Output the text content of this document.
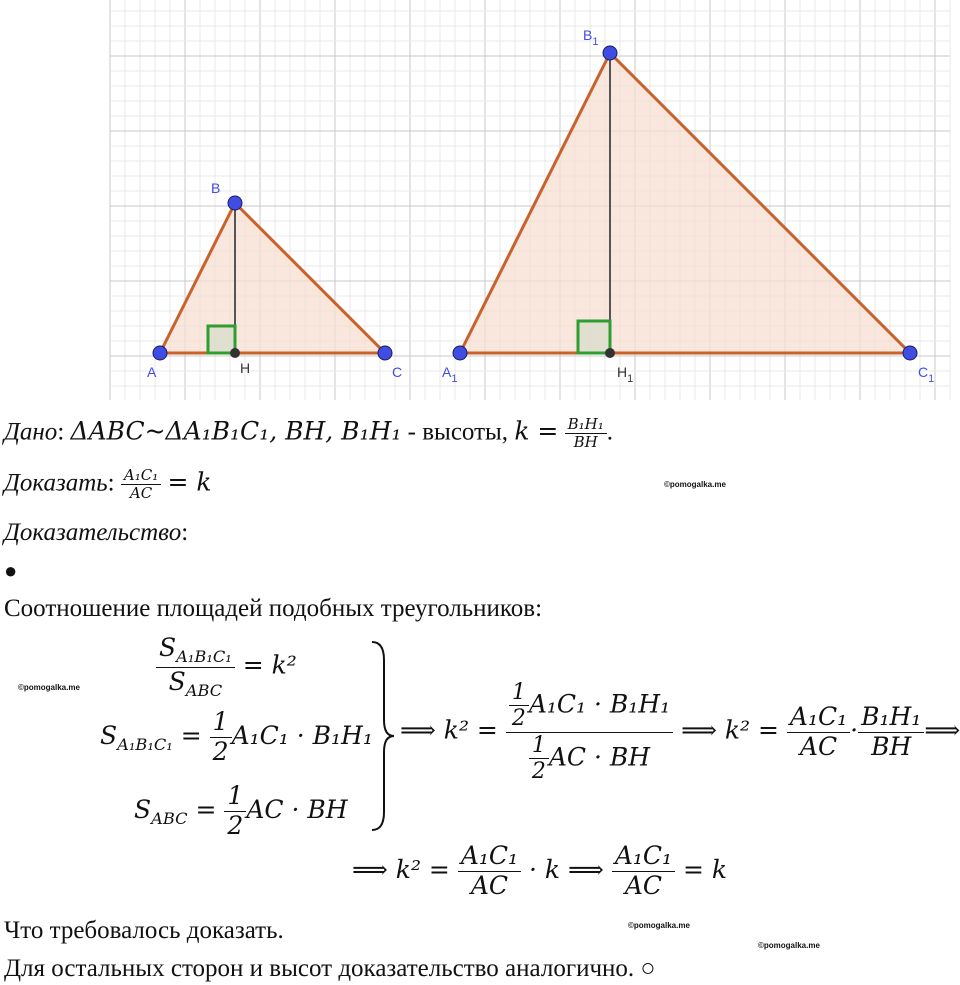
A
B
C
H	$A_1$
$B_1$
$C_1$
$H_1$
Дано: ΔABC~ΔA₁B₁C₁, BH, B₁H₁ - высоты, $k = \frac{\text{B₁H₁}}{BH}$ .
Доказать: $\frac{\text{A₁C₁}}{AC} = k$	©pomogalka.me
Доказательство:
●
Соотношение площадей подобных треугольников:
©pomogalka.me	$\frac{S_{A_1B_1C_1}}{S_{ABC}} = k^2$
$S_{A_1B_1C_1} = \frac{1}{2} A_1C_1 \cdot B_1H_1$
$S_{ABC} = \frac{1}{2}$ AC · BH
⟹ $k^2 = \frac{\frac{1}{2} A_1C_1 \cdot B_1H_1}{\frac{1}{2} AC \cdot BH}$ ⟹ $k^2 = \frac{\text{A₁C₁}}{AC} \cdot \frac{\text{B₁H₁}}{BH}$ ⟹
⟹ $k^2 = \frac{\text{A₁C₁}}{AC} \cdot k$ ⟹ $\frac{\text{A₁C₁}}{AC} = k$
©pomogalka.me
Что требовалось доказать.
©pomogalka.me
Для остальных сторон и высот доказательство аналогично. ○
